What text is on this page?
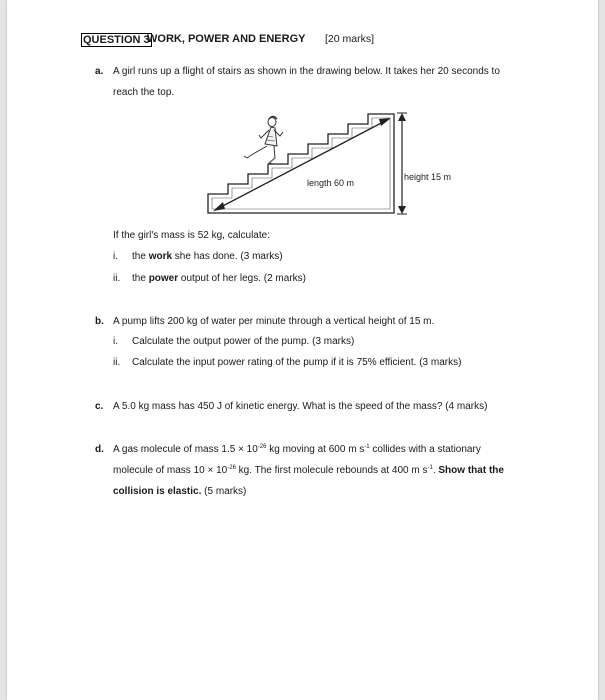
QUESTION 3
WORK, POWER AND ENERGY [20 marks]
a. A girl runs up a flight of stairs as shown in the drawing below. It takes her 20 seconds to
reach the top.
length 60 m
height 15 m
If the girl's mass is 52 kg, calculate:
i. the work she has done. (3 marks)
ii. the power output of her legs. (2 marks)
b. A pump lifts 200 kg of water per minute through a vertical height of 15 m.
i. Calculate the output power of the pump. (3 marks)
ii. Calculate the input power rating of the pump if it is 75% efficient. (3 marks)
c. A 5.0 kg mass has 450 J of kinetic energy. What is the speed of the mass? (4 marks)
d. A gas molecule of mass $1.5 \times 10^{-26}$ kg moving at 600 m $s^{-1}$ collides with a stationary
molecule of mass $10 \times 10^{-26}$ kg. The first molecule rebounds at 400 m $s^{-1}$. Show that the
collision is elastic. (5 marks)
